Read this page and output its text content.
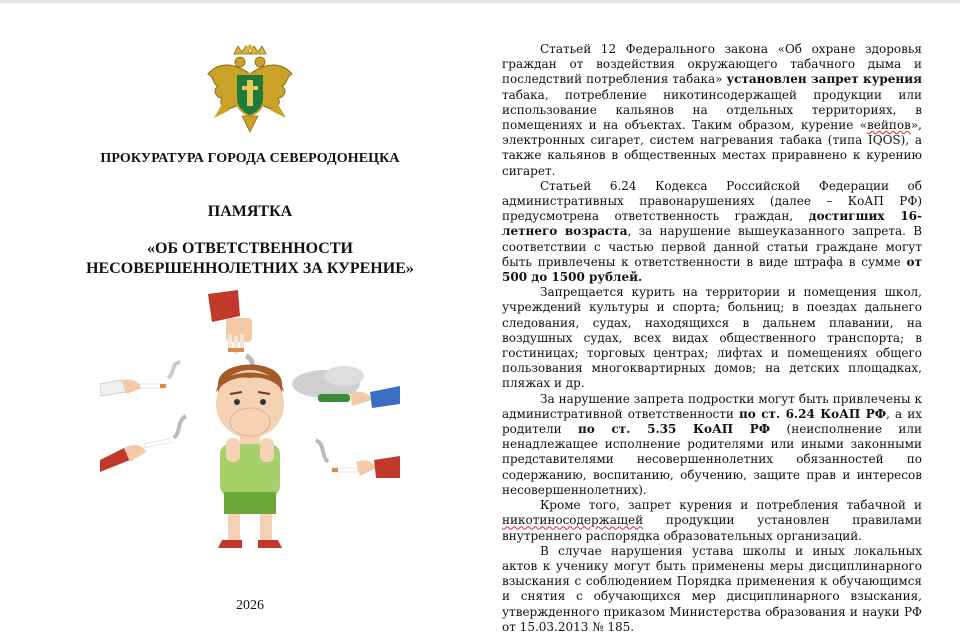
ПРОКУРАТУРА ГОРОДА СЕВЕРОДОНЕЦКА
ПАМЯТКА
«ОБ ОТВЕТСТВЕННОСТИ
НЕСОВЕРШЕННОЛЕТНИХ ЗА КУРЕНИЕ»
2026

Статьей 12 Федерального закона «Об охране здоровья граждан от воздействия окружающего табачного дыма и последствий потребления табака» установлен запрет курения табака, потребление никотинсодержащей продукции или использование кальянов на отдельных территориях, в помещениях и на объектах. Таким образом, курение «вейпов», электронных сигарет, систем нагревания табака (типа IQOS), а также кальянов в общественных местах приравнено к курению сигарет.

Статьей 6.24 Кодекса Российской Федерации об административных правонарушениях (далее – КоАП РФ) предусмотрена ответственность граждан, достигших 16-летнего возраста, за нарушение вышеуказанного запрета. В соответствии с частью первой данной статьи граждане могут быть привлечены к ответственности в виде штрафа в сумме от 500 до 1500 рублей.

Запрещается курить на территории и помещения школ, учреждений культуры и спорта; больниц; в поездах дальнего следования, судах, находящихся в дальнем плавании, на воздушных судах, всех видах общественного транспорта; в гостиницах; торговых центрах; лифтах и помещениях общего пользования многоквартирных домов; на детских площадках, пляжах и др.

За нарушение запрета подростки могут быть привлечены к административной ответственности по ст. 6.24 КоАП РФ, а их родители по ст. 5.35 КоАП РФ (неисполнение или ненадлежащее исполнение родителями или иными законными представителями несовершеннолетних обязанностей по содержанию, воспитанию, обучению, защите прав и интересов несовершеннолетних).

Кроме того, запрет курения и потребления табачной и никотиносодержащей продукции установлен правилами внутреннего распорядка образовательных организаций.

В случае нарушения устава школы и иных локальных актов к ученику могут быть применены меры дисциплинарного взыскания с соблюдением Порядка применения к обучающимся и снятия с обучающихся мер дисциплинарного взыскания, утвержденного приказом Министерства образования и науки РФ от 15.03.2013 № 185.
